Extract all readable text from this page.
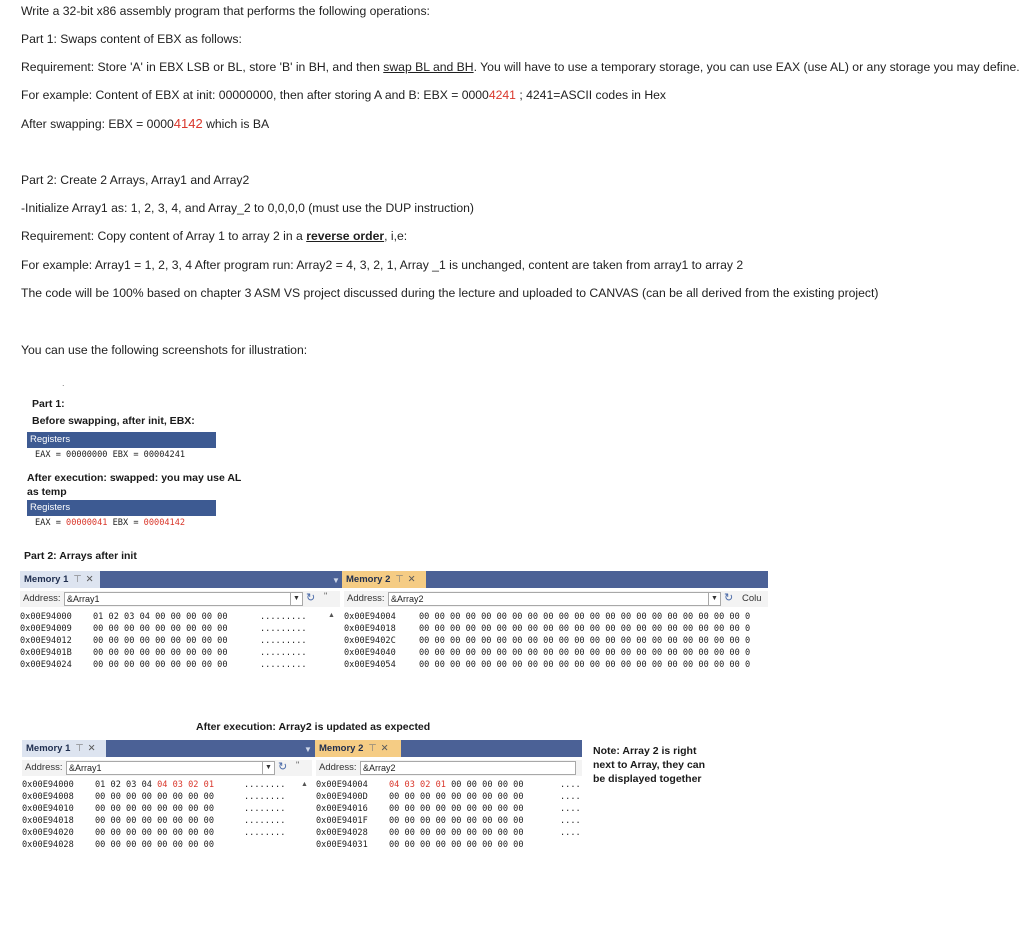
Write a 32-bit x86 assembly program that performs the following operations:
Part 1: Swaps content of EBX as follows:
Requirement: Store 'A' in EBX LSB or BL, store 'B' in BH, and then swap BL and BH. You will have to use a temporary storage, you can use EAX (use AL) or any storage you may define.
For example: Content of EBX at init: 00000000, then after storing A and B: EBX = 00004241 ; 4241=ASCII codes in Hex
After swapping: EBX = 00004142 which is BA
Part 2: Create 2 Arrays, Array1 and Array2
-Initialize Array1 as: 1, 2, 3, 4, and Array_2 to 0,0,0,0 (must use the DUP instruction)
Requirement: Copy content of Array 1 to array 2 in a reverse order, i,e:
For example: Array1 = 1, 2, 3, 4 After program run: Array2 = 4, 3, 2, 1, Array _1 is unchanged, content are taken from array1 to array 2
The code will be 100% based on chapter 3 ASM VS project discussed during the lecture and uploaded to CANVAS (can be all derived from the existing project)
You can use the following screenshots for illustration:
.
Part 1:
Before swapping, after init, EBX:
Registers
EAX = 00000000 EBX = 00004241
After execution: swapped: you may use AL
as temp
Registers
EAX = 00000041 EBX = 00004142
Part 2: Arrays after init
Memory 1 ⊤ ✕	▼ Memory 2 ⊤ ✕
Address: &Array1	▼ ↻ " Address: &Array2	▼ ↻ Colu
0x00E94000 01 02 03 04 00 00 00 00 00	.........
0x00E94009 00 00 00 00 00 00 00 00 00	.........
0x00E94012 00 00 00 00 00 00 00 00 00	.........
0x00E9401B 00 00 00 00 00 00 00 00 00	.........
0x00E94024 00 00 00 00 00 00 00 00 00	.........
▲ 0x00E94004	00 00 00 00 00 00 00 00 00 00 00 00 00 00 00 00 00 00 00 00 00 0
0x00E94018	00 00 00 00 00 00 00 00 00 00 00 00 00 00 00 00 00 00 00 00 00 0
0x00E9402C	00 00 00 00 00 00 00 00 00 00 00 00 00 00 00 00 00 00 00 00 00 0
0x00E94040	00 00 00 00 00 00 00 00 00 00 00 00 00 00 00 00 00 00 00 00 00 0
0x00E94054	00 00 00 00 00 00 00 00 00 00 00 00 00 00 00 00 00 00 00 00 00 0
After execution: Array2 is updated as expected
Memory 1 ⊤ ✕	▼ Memory 2 ⊤ ✕
Address: &Array1	▼ ↻ " Address: &Array2
0x00E94000 01 02 03 04 04 03 02 01	........
0x00E94008 00 00 00 00 00 00 00 00	........
0x00E94010 00 00 00 00 00 00 00 00	........
0x00E94018 00 00 00 00 00 00 00 00	........
0x00E94020 00 00 00 00 00 00 00 00	........
0x00E94028 00 00 00 00 00 00 00 00
▲ 0x00E94004 04 03 02 01 00 00 00 00 00	....
0x00E9400D 00 00 00 00 00 00 00 00 00	....
0x00E94016 00 00 00 00 00 00 00 00 00	....
0x00E9401F 00 00 00 00 00 00 00 00 00	....
0x00E94028 00 00 00 00 00 00 00 00 00	....
0x00E94031 00 00 00 00 00 00 00 00 00
Note: Array 2 is right
next to Array, they can
be displayed together
